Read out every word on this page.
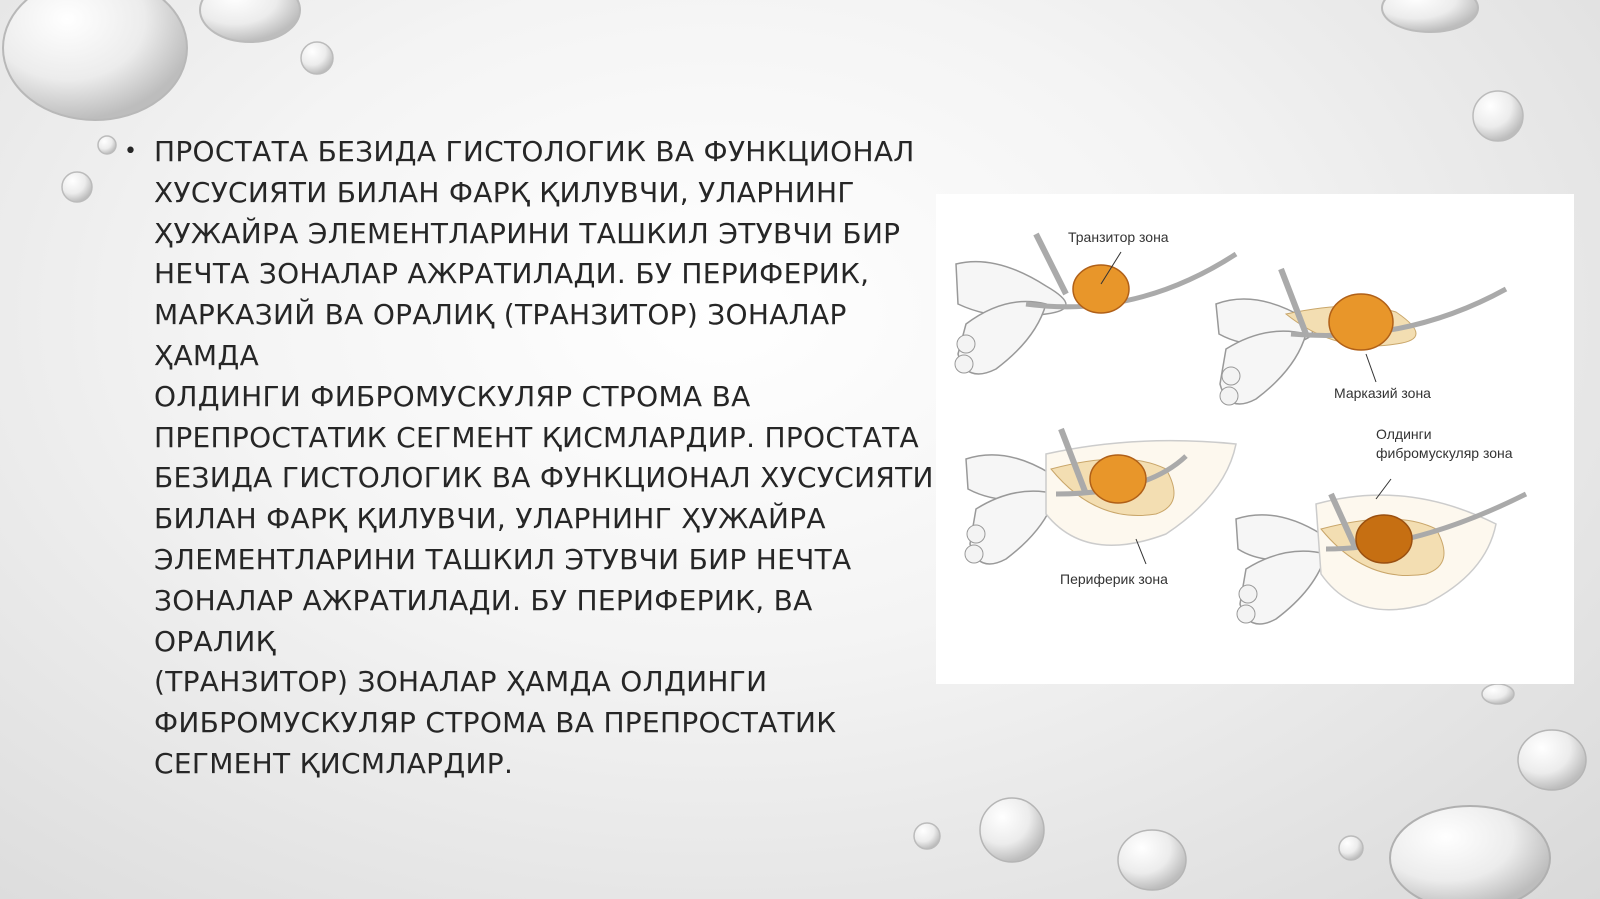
• ПРОСТАТА БЕЗИДА ГИСТОЛОГИК ВА ФУНКЦИОНАЛ
ХУСУСИЯТИ БИЛАН ФАРҚ ҚИЛУВЧИ, УЛАРНИНГ
ҲУЖАЙРА ЭЛЕМЕНТЛАРИНИ ТАШКИЛ ЭТУВЧИ БИР
НЕЧТА ЗОНАЛАР АЖРАТИЛАДИ. БУ ПЕРИФЕРИК,
МАРКАЗИЙ ВА ОРАЛИҚ (ТРАНЗИТОР) ЗОНАЛАР ҲАМДА
ОЛДИНГИ ФИБРОМУСКУЛЯР СТРОМА ВА
ПРЕПРОСТАТИК СЕГМЕНТ ҚИСМЛАРДИР. ПРОСТАТА
БЕЗИДА ГИСТОЛОГИК ВА ФУНКЦИОНАЛ ХУСУСИЯТИ
БИЛАН ФАРҚ ҚИЛУВЧИ, УЛАРНИНГ ҲУЖАЙРА
ЭЛЕМЕНТЛАРИНИ ТАШКИЛ ЭТУВЧИ БИР НЕЧТА
ЗОНАЛАР АЖРАТИЛАДИ. БУ ПЕРИФЕРИК, ВА ОРАЛИҚ
(ТРАНЗИТОР) ЗОНАЛАР ҲАМДА ОЛДИНГИ
ФИБРОМУСКУЛЯР СТРОМА ВА ПРЕПРОСТАТИК
СЕГМЕНТ ҚИСМЛАРДИР.
Транзитор зона
Марказий зона
Олдинги
фибромускуляр зона
Периферик зона
